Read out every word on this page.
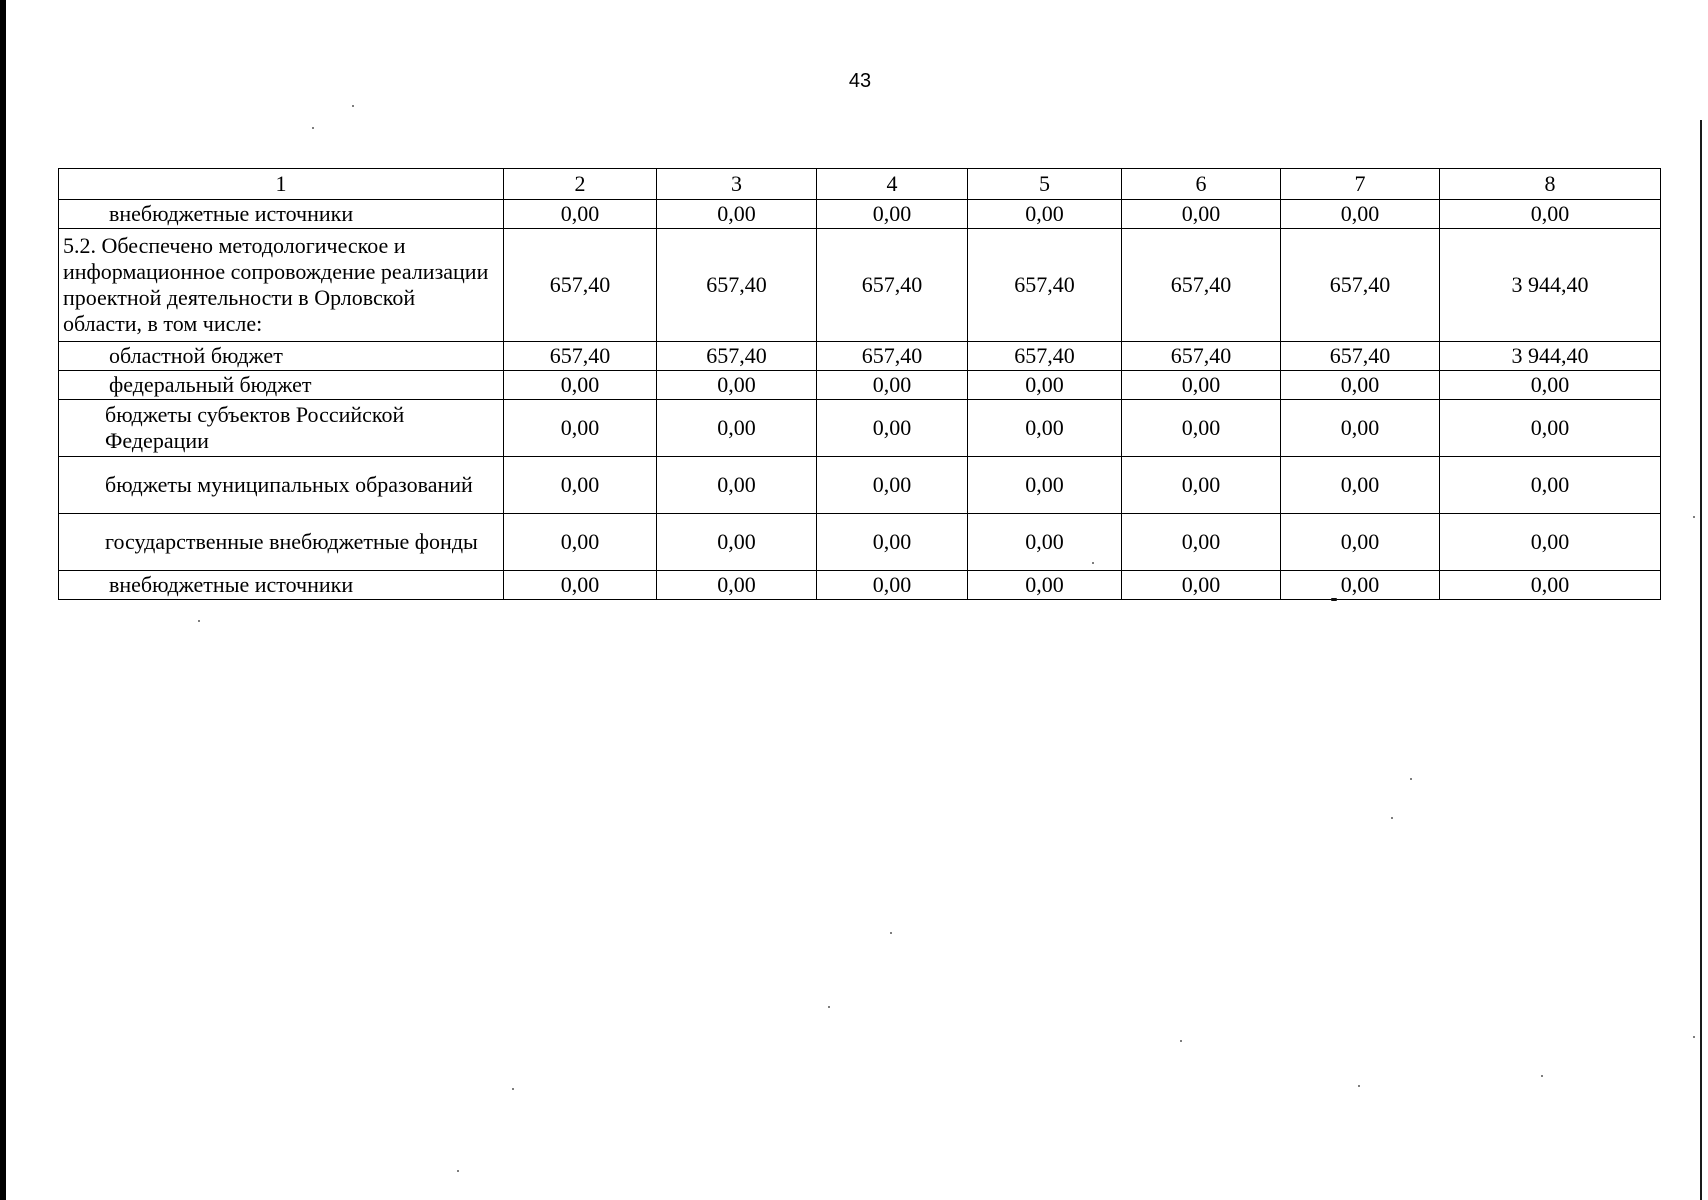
43
1	2	3	4	5	6	7	8
внебюджетные источники	0,00	0,00	0,00	0,00	0,00	0,00	0,00
5.2. Обеспечено методологическое и информационное сопровождение реализации проектной деятельности в Орловской области, в том числе:	657,40	657,40	657,40	657,40	657,40	657,40	3 944,40
областной бюджет	657,40	657,40	657,40	657,40	657,40	657,40	3 944,40
федеральный бюджет	0,00	0,00	0,00	0,00	0,00	0,00	0,00
бюджеты субъектов Российской Федерации	0,00	0,00	0,00	0,00	0,00	0,00	0,00
бюджеты муниципальных образований	0,00	0,00	0,00	0,00	0,00	0,00	0,00
государственные внебюджетные фонды	0,00	0,00	0,00	0,00	0,00	0,00	0,00
внебюджетные источники	0,00	0,00	0,00	0,00	0,00	0,00	0,00
